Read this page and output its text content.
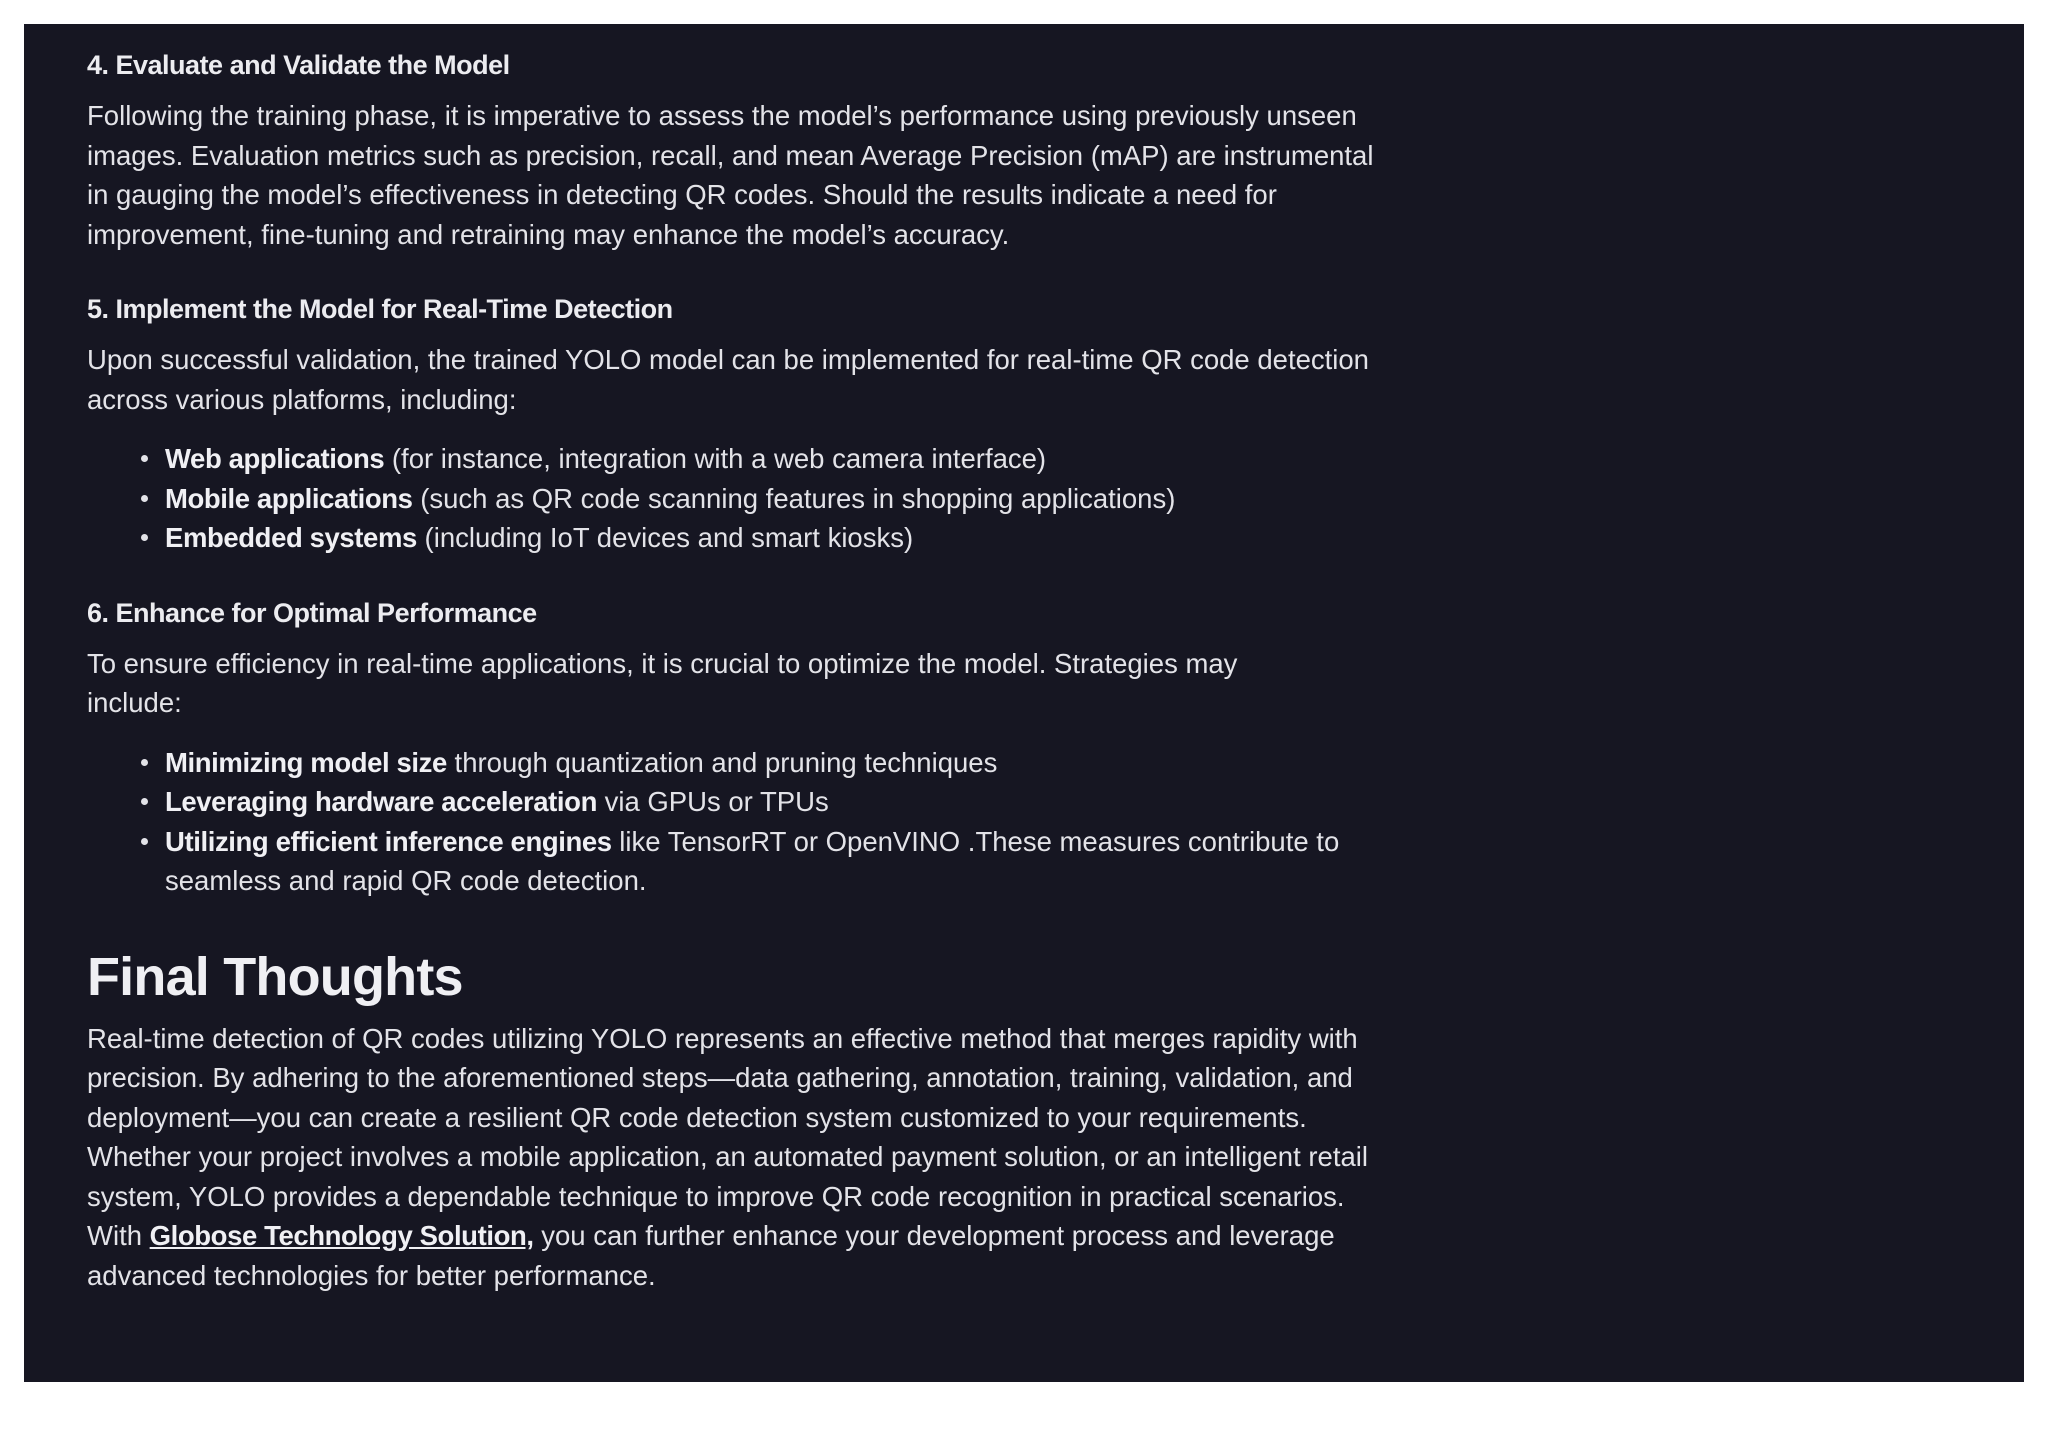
4. Evaluate and Validate the Model

Following the training phase, it is imperative to assess the model’s performance using previously unseen images. Evaluation metrics such as precision, recall, and mean Average Precision (mAP) are instrumental in gauging the model’s effectiveness in detecting QR codes. Should the results indicate a need for improvement, fine-tuning and retraining may enhance the model’s accuracy.

5. Implement the Model for Real-Time Detection

Upon successful validation, the trained YOLO model can be implemented for real-time QR code detection across various platforms, including:

Web applications (for instance, integration with a web camera interface)
Mobile applications (such as QR code scanning features in shopping applications)
Embedded systems (including IoT devices and smart kiosks)
6. Enhance for Optimal Performance

To ensure efficiency in real-time applications, it is crucial to optimize the model. Strategies may include:

Minimizing model size through quantization and pruning techniques
Leveraging hardware acceleration via GPUs or TPUs
Utilizing efficient inference engines like TensorRT or OpenVINO .These measures contribute to seamless and rapid QR code detection.
Final Thoughts

Real-time detection of QR codes utilizing YOLO represents an effective method that merges rapidity with precision. By adhering to the aforementioned steps—data gathering, annotation, training, validation, and deployment—you can create a resilient QR code detection system customized to your requirements. Whether your project involves a mobile application, an automated payment solution, or an intelligent retail system, YOLO provides a dependable technique to improve QR code recognition in practical scenarios. With Globose Technology Solution, you can further enhance your development process and leverage advanced technologies for better performance.
